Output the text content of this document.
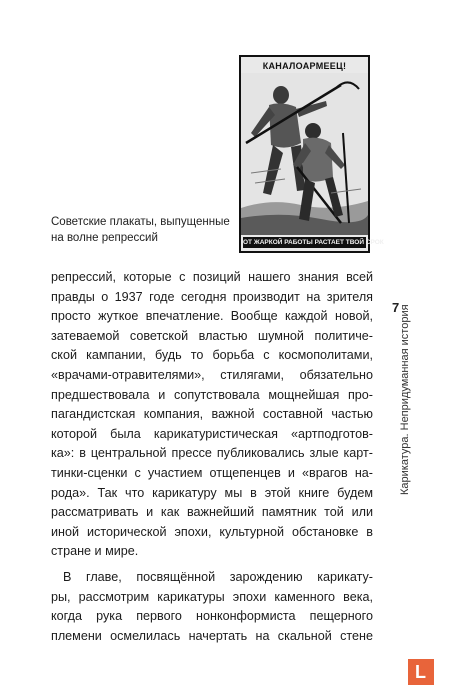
КАНАЛОАРМЕЕЦ!
ОТ ЖАРКОЙ РАБОТЫ РАСТАЕТ ТВОЙ СРОК
Советские плакаты, выпущенные
на волне репрессий
репрессий, которые с позиций нашего знания всей
правды о 1937 годе сегодня производит на зрителя
просто жуткое впечатление. Вообще каждой новой,
затеваемой советской властью шумной политиче-
ской кампании, будь то борьба с космополитами,
«врачами-отравителями», стилягами, обязательно
предшествовала и сопутствовала мощнейшая про-
пагандистская компания, важной составной частью
которой была карикатуристическая «артподготов-
ка»: в центральной прессе публиковались злые карт-
тинки-сценки с участием отщепенцев и «врагов на-
рода». Так что карикатуру мы в этой книге будем
рассматривать и как важнейший памятник той или
иной исторической эпохи, культурной обстановке в
стране и мире.
В главе, посвящённой зарождению карикату-
ры, рассмотрим карикатуры эпохи каменного века,
когда рука первого нонконформиста пещерного
племени осмелилась начертать на скальной стене
7
Карикатура. Непридуманная история
L
